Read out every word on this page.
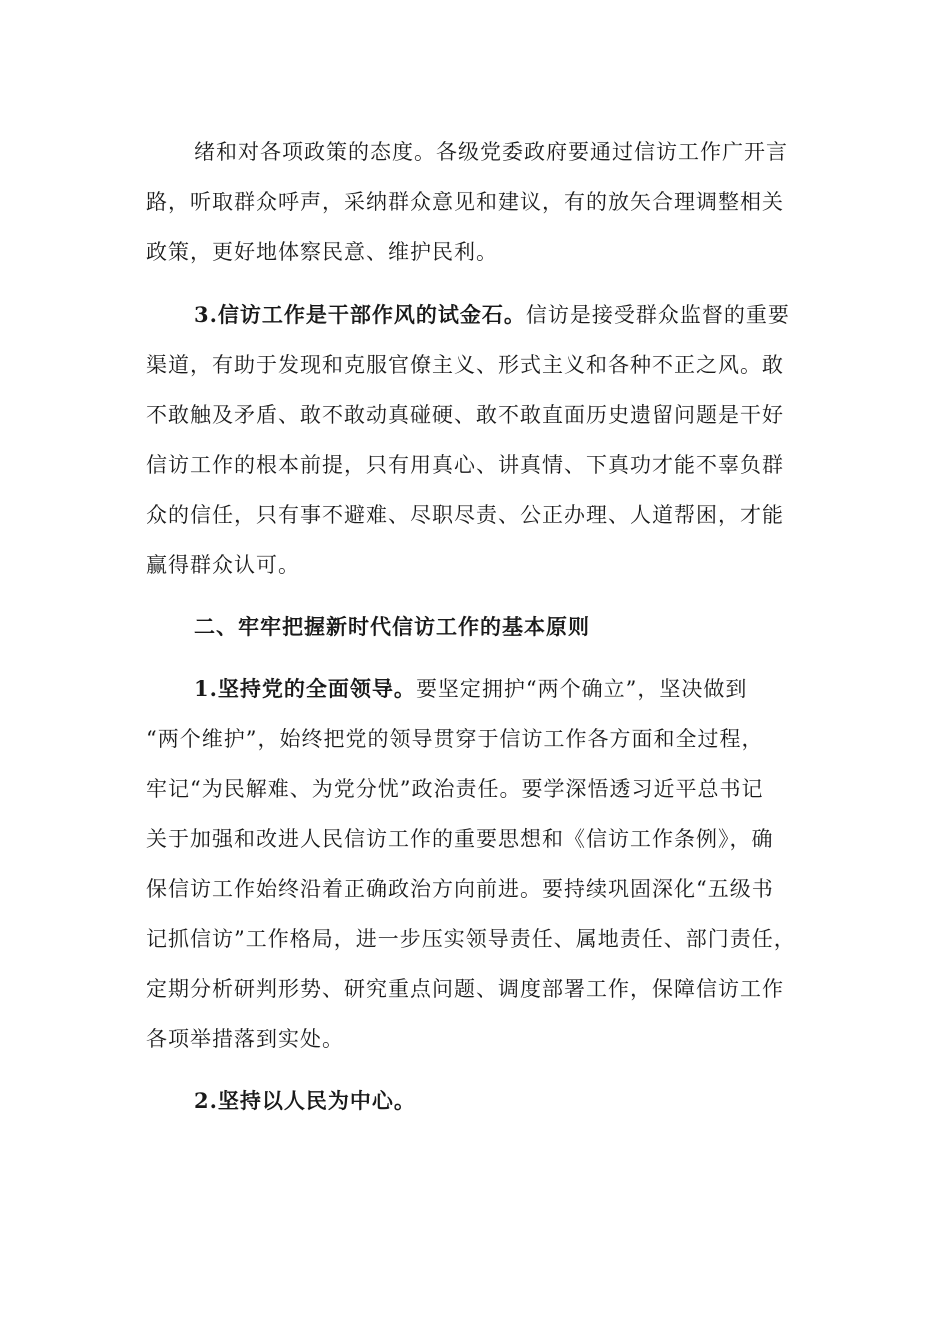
绪和对各项政策的态度。各级党委政府要通过信访工作广开言
路，听取群众呼声，采纳群众意见和建议，有的放矢合理调整相关
政策，更好地体察民意、维护民利。
3.信访工作是干部作风的试金石。信访是接受群众监督的重要
渠道，有助于发现和克服官僚主义、形式主义和各种不正之风。敢
不敢触及矛盾、敢不敢动真碰硬、敢不敢直面历史遗留问题是干好
信访工作的根本前提，只有用真心、讲真情、下真功才能不辜负群
众的信任，只有事不避难、尽职尽责、公正办理、人道帮困，才能
赢得群众认可。
二、牢牢把握新时代信访工作的基本原则
1.坚持党的全面领导。要坚定拥护“两个确立”，坚决做到
“两个维护”，始终把党的领导贯穿于信访工作各方面和全过程，
牢记“为民解难、为党分忧”政治责任。要学深悟透习近平总书记
关于加强和改进人民信访工作的重要思想和《信访工作条例》，确
保信访工作始终沿着正确政治方向前进。要持续巩固深化“五级书
记抓信访”工作格局，进一步压实领导责任、属地责任、部门责任，
定期分析研判形势、研究重点问题、调度部署工作，保障信访工作
各项举措落到实处。
2.坚持以人民为中心。
